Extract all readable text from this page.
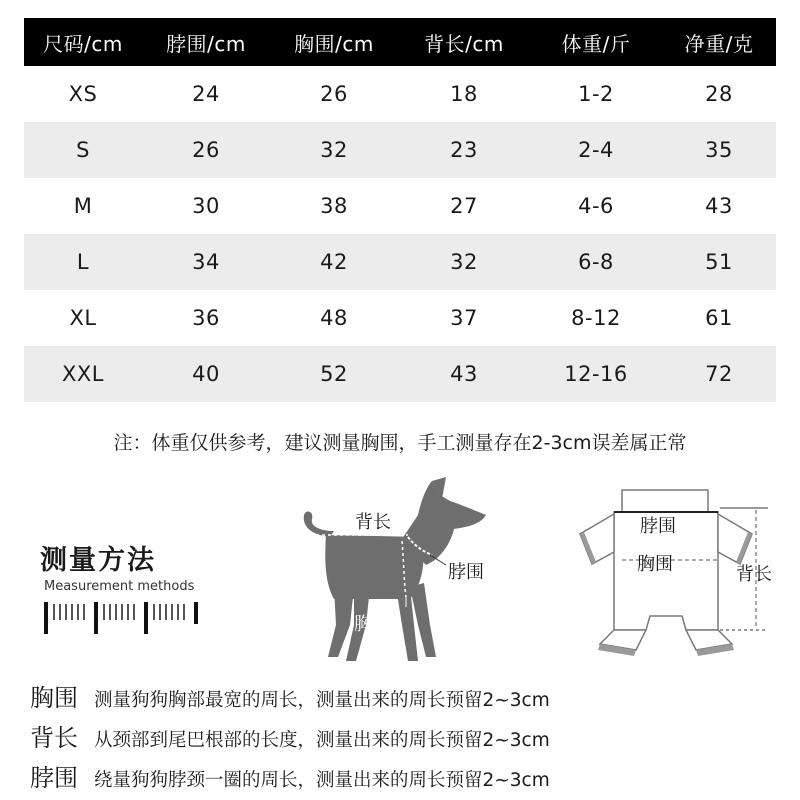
尺码/cm	脖围/cm	胸围/cm	背长/cm	体重/斤	净重/克
XS	24	26	18	1-2	28
S	26	32	23	2-4	35
M	30	38	27	4-6	43
L	34	42	32	6-8	51
XL	36	48	37	8-12	61
XXL	40	52	43	12-16	72
注：体重仅供参考，建议测量胸围，手工测量存在2-3cm误差属正常
测量方法
Measurement methods
背长
脖围
胸围
脖围
胸围	背长
胸围 测量狗狗胸部最宽的周长，测量出来的周长预留2~3cm
背长 从颈部到尾巴根部的长度，测量出来的周长预留2~3cm
脖围 绕量狗狗脖颈一圈的周长，测量出来的周长预留2~3cm
